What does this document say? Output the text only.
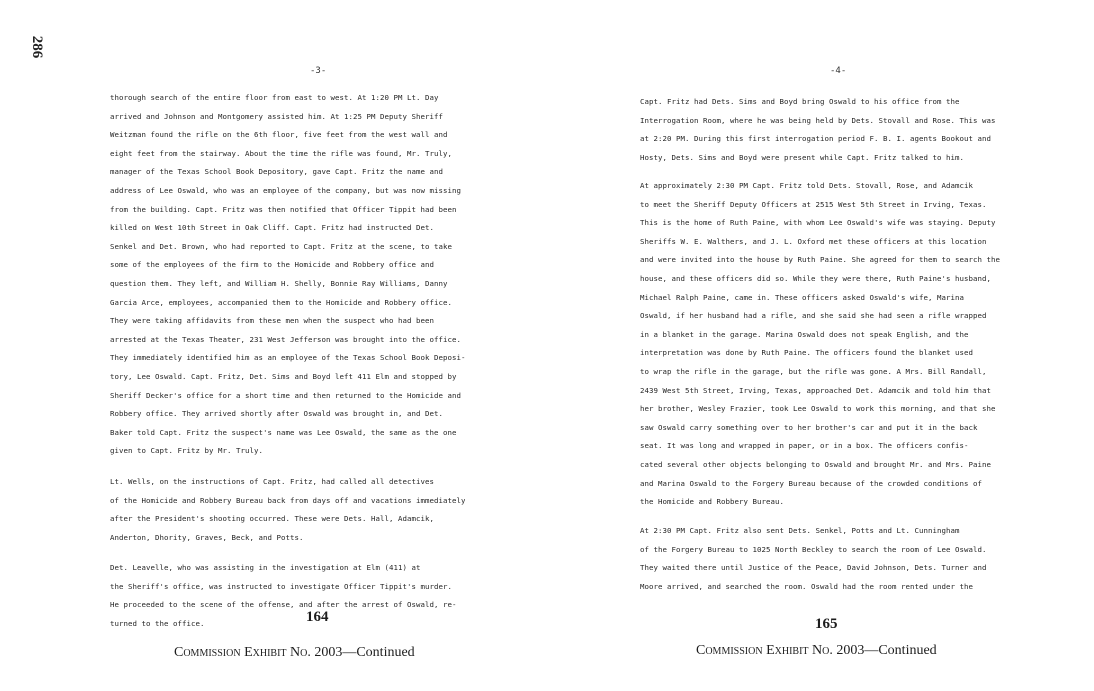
286
-3-
thorough search of the entire floor from east to west. At 1:20 PM Lt. Day
arrived and Johnson and Montgomery assisted him. At 1:25 PM Deputy Sheriff
Weitzman found the rifle on the 6th floor, five feet from the west wall and
eight feet from the stairway. About the time the rifle was found, Mr. Truly,
manager of the Texas School Book Depository, gave Capt. Fritz the name and
address of Lee Oswald, who was an employee of the company, but was now missing
from the building. Capt. Fritz was then notified that Officer Tippit had been
killed on West 10th Street in Oak Cliff. Capt. Fritz had instructed Det.
Senkel and Det. Brown, who had reported to Capt. Fritz at the scene, to take
some of the employees of the firm to the Homicide and Robbery office and
question them. They left, and William H. Shelly, Bonnie Ray Williams, Danny
Garcia Arce, employees, accompanied them to the Homicide and Robbery office.
They were taking affidavits from these men when the suspect who had been
arrested at the Texas Theater, 231 West Jefferson was brought into the office.
They immediately identified him as an employee of the Texas School Book Deposi-
tory, Lee Oswald. Capt. Fritz, Det. Sims and Boyd left 411 Elm and stopped by
Sheriff Decker's office for a short time and then returned to the Homicide and
Robbery office. They arrived shortly after Oswald was brought in, and Det.
Baker told Capt. Fritz the suspect's name was Lee Oswald, the same as the one
given to Capt. Fritz by Mr. Truly.
Lt. Wells, on the instructions of Capt. Fritz, had called all detectives
of the Homicide and Robbery Bureau back from days off and vacations immediately
after the President's shooting occurred. These were Dets. Hall, Adamcik,
Anderton, Dhority, Graves, Beck, and Potts.
Det. Leavelle, who was assisting in the investigation at Elm (411) at
the Sheriff's office, was instructed to investigate Officer Tippit's murder.
He proceeded to the scene of the offense, and after the arrest of Oswald, re-
turned to the office.	164
Commission Exhibit No. 2003—Continued
-4-
Capt. Fritz had Dets. Sims and Boyd bring Oswald to his office from the
Interrogation Room, where he was being held by Dets. Stovall and Rose. This was
at 2:20 PM. During this first interrogation period F. B. I. agents Bookout and
Hosty, Dets. Sims and Boyd were present while Capt. Fritz talked to him.
At approximately 2:30 PM Capt. Fritz told Dets. Stovall, Rose, and Adamcik
to meet the Sheriff Deputy Officers at 2515 West 5th Street in Irving, Texas.
This is the home of Ruth Paine, with whom Lee Oswald's wife was staying. Deputy
Sheriffs W. E. Walthers, and J. L. Oxford met these officers at this location
and were invited into the house by Ruth Paine. She agreed for them to search the
house, and these officers did so. While they were there, Ruth Paine's husband,
Michael Ralph Paine, came in. These officers asked Oswald's wife, Marina
Oswald, if her husband had a rifle, and she said she had seen a rifle wrapped
in a blanket in the garage. Marina Oswald does not speak English, and the
interpretation was done by Ruth Paine. The officers found the blanket used
to wrap the rifle in the garage, but the rifle was gone. A Mrs. Bill Randall,
2439 West 5th Street, Irving, Texas, approached Det. Adamcik and told him that
her brother, Wesley Frazier, took Lee Oswald to work this morning, and that she
saw Oswald carry something over to her brother's car and put it in the back
seat. It was long and wrapped in paper, or in a box. The officers confis-
cated several other objects belonging to Oswald and brought Mr. and Mrs. Paine
and Marina Oswald to the Forgery Bureau because of the crowded conditions of
the Homicide and Robbery Bureau.
At 2:30 PM Capt. Fritz also sent Dets. Senkel, Potts and Lt. Cunningham
of the Forgery Bureau to 1025 North Beckley to search the room of Lee Oswald.
They waited there until Justice of the Peace, David Johnson, Dets. Turner and
Moore arrived, and searched the room. Oswald had the room rented under the
165
Commission Exhibit No. 2003—Continued
